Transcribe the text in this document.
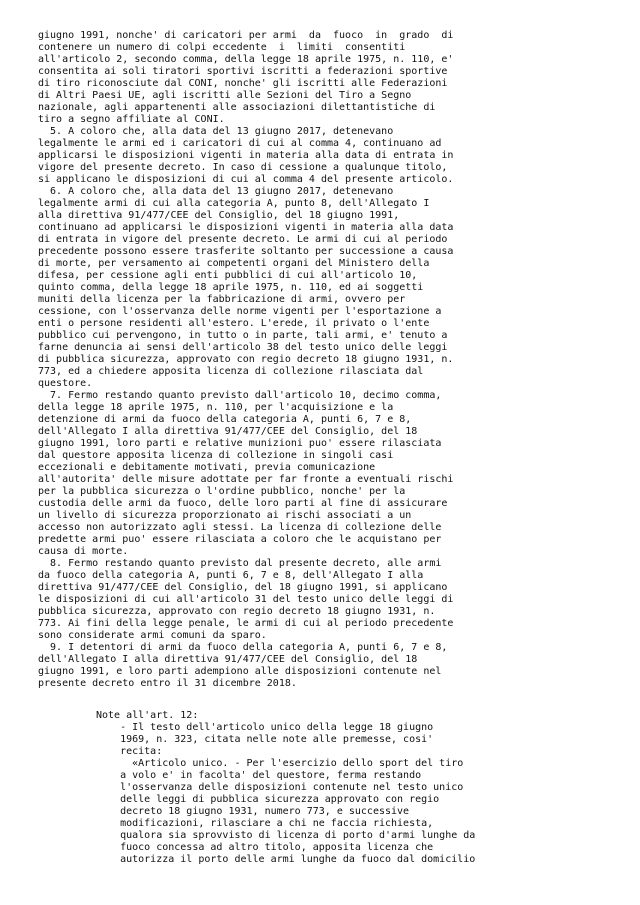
giugno 1991, nonche' di caricatori per armi  da  fuoco  in  grado  di
contenere un numero di colpi eccedente  i  limiti  consentiti
all'articolo 2, secondo comma, della legge 18 aprile 1975, n. 110, e'
consentita ai soli tiratori sportivi iscritti a federazioni sportive
di tiro riconosciute dal CONI, nonche' gli iscritti alle Federazioni
di Altri Paesi UE, agli iscritti alle Sezioni del Tiro a Segno
nazionale, agli appartenenti alle associazioni dilettantistiche di
tiro a segno affiliate al CONI.
5. A coloro che, alla data del 13 giugno 2017, detenevano
legalmente le armi ed i caricatori di cui al comma 4, continuano ad
applicarsi le disposizioni vigenti in materia alla data di entrata in
vigore del presente decreto. In caso di cessione a qualunque titolo,
si applicano le disposizioni di cui al comma 4 del presente articolo.
6. A coloro che, alla data del 13 giugno 2017, detenevano
legalmente armi di cui alla categoria A, punto 8, dell'Allegato I
alla direttiva 91/477/CEE del Consiglio, del 18 giugno 1991,
continuano ad applicarsi le disposizioni vigenti in materia alla data
di entrata in vigore del presente decreto. Le armi di cui al periodo
precedente possono essere trasferite soltanto per successione a causa
di morte, per versamento ai competenti organi del Ministero della
difesa, per cessione agli enti pubblici di cui all'articolo 10,
quinto comma, della legge 18 aprile 1975, n. 110, ed ai soggetti
muniti della licenza per la fabbricazione di armi, ovvero per
cessione, con l'osservanza delle norme vigenti per l'esportazione a
enti o persone residenti all'estero. L'erede, il privato o l'ente
pubblico cui pervengono, in tutto o in parte, tali armi, e' tenuto a
farne denuncia ai sensi dell'articolo 38 del testo unico delle leggi
di pubblica sicurezza, approvato con regio decreto 18 giugno 1931, n.
773, ed a chiedere apposita licenza di collezione rilasciata dal
questore.
7. Fermo restando quanto previsto dall'articolo 10, decimo comma,
della legge 18 aprile 1975, n. 110, per l'acquisizione e la
detenzione di armi da fuoco della categoria A, punti 6, 7 e 8,
dell'Allegato I alla direttiva 91/477/CEE del Consiglio, del 18
giugno 1991, loro parti e relative munizioni puo' essere rilasciata
dal questore apposita licenza di collezione in singoli casi
eccezionali e debitamente motivati, previa comunicazione
all'autorita' delle misure adottate per far fronte a eventuali rischi
per la pubblica sicurezza o l'ordine pubblico, nonche' per la
custodia delle armi da fuoco, delle loro parti al fine di assicurare
un livello di sicurezza proporzionato ai rischi associati a un
accesso non autorizzato agli stessi. La licenza di collezione delle
predette armi puo' essere rilasciata a coloro che le acquistano per
causa di morte.
8. Fermo restando quanto previsto dal presente decreto, alle armi
da fuoco della categoria A, punti 6, 7 e 8, dell'Allegato I alla
direttiva 91/477/CEE del Consiglio, del 18 giugno 1991, si applicano
le disposizioni di cui all'articolo 31 del testo unico delle leggi di
pubblica sicurezza, approvato con regio decreto 18 giugno 1931, n.
773. Ai fini della legge penale, le armi di cui al periodo precedente
sono considerate armi comuni da sparo.
9. I detentori di armi da fuoco della categoria A, punti 6, 7 e 8,
dell'Allegato I alla direttiva 91/477/CEE del Consiglio, del 18
giugno 1991, e loro parti adempiono alle disposizioni contenute nel
presente decreto entro il 31 dicembre 2018.
Note all'art. 12:
- Il testo dell'articolo unico della legge 18 giugno
1969, n. 323, citata nelle note alle premesse, cosi'
recita:
«Articolo unico. - Per l'esercizio dello sport del tiro
a volo e' in facolta' del questore, ferma restando
l'osservanza delle disposizioni contenute nel testo unico
delle leggi di pubblica sicurezza approvato con regio
decreto 18 giugno 1931, numero 773, e successive
modificazioni, rilasciare a chi ne faccia richiesta,
qualora sia sprovvisto di licenza di porto d'armi lunghe da
fuoco concessa ad altro titolo, apposita licenza che
autorizza il porto delle armi lunghe da fuoco dal domicilio
